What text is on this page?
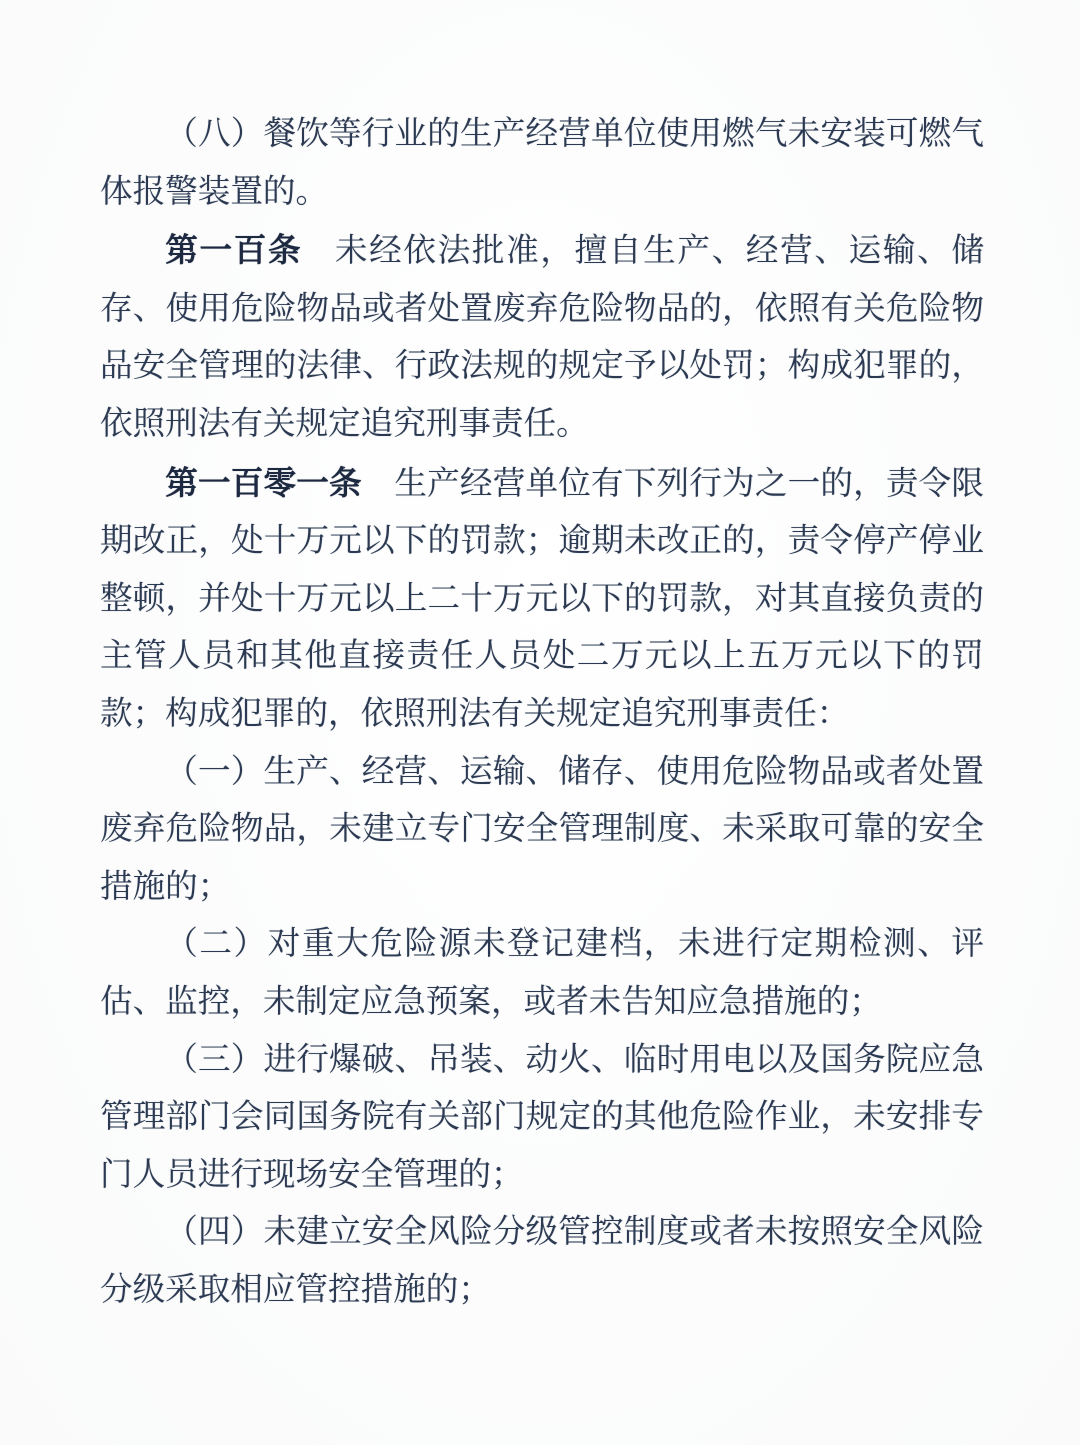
（八）餐饮等行业的生产经营单位使用燃气未安装可燃气体报警装置的。

第一百条 未经依法批准，擅自生产、经营、运输、储存、使用危险物品或者处置废弃危险物品的，依照有关危险物品安全管理的法律、行政法规的规定予以处罚；构成犯罪的，依照刑法有关规定追究刑事责任。

第一百零一条 生产经营单位有下列行为之一的，责令限期改正，处十万元以下的罚款；逾期未改正的，责令停产停业整顿，并处十万元以上二十万元以下的罚款，对其直接负责的主管人员和其他直接责任人员处二万元以上五万元以下的罚款；构成犯罪的，依照刑法有关规定追究刑事责任：

（一）生产、经营、运输、储存、使用危险物品或者处置废弃危险物品，未建立专门安全管理制度、未采取可靠的安全措施的；

（二）对重大危险源未登记建档，未进行定期检测、评估、监控，未制定应急预案，或者未告知应急措施的；

（三）进行爆破、吊装、动火、临时用电以及国务院应急管理部门会同国务院有关部门规定的其他危险作业，未安排专门人员进行现场安全管理的；

（四）未建立安全风险分级管控制度或者未按照安全风险分级采取相应管控措施的；
